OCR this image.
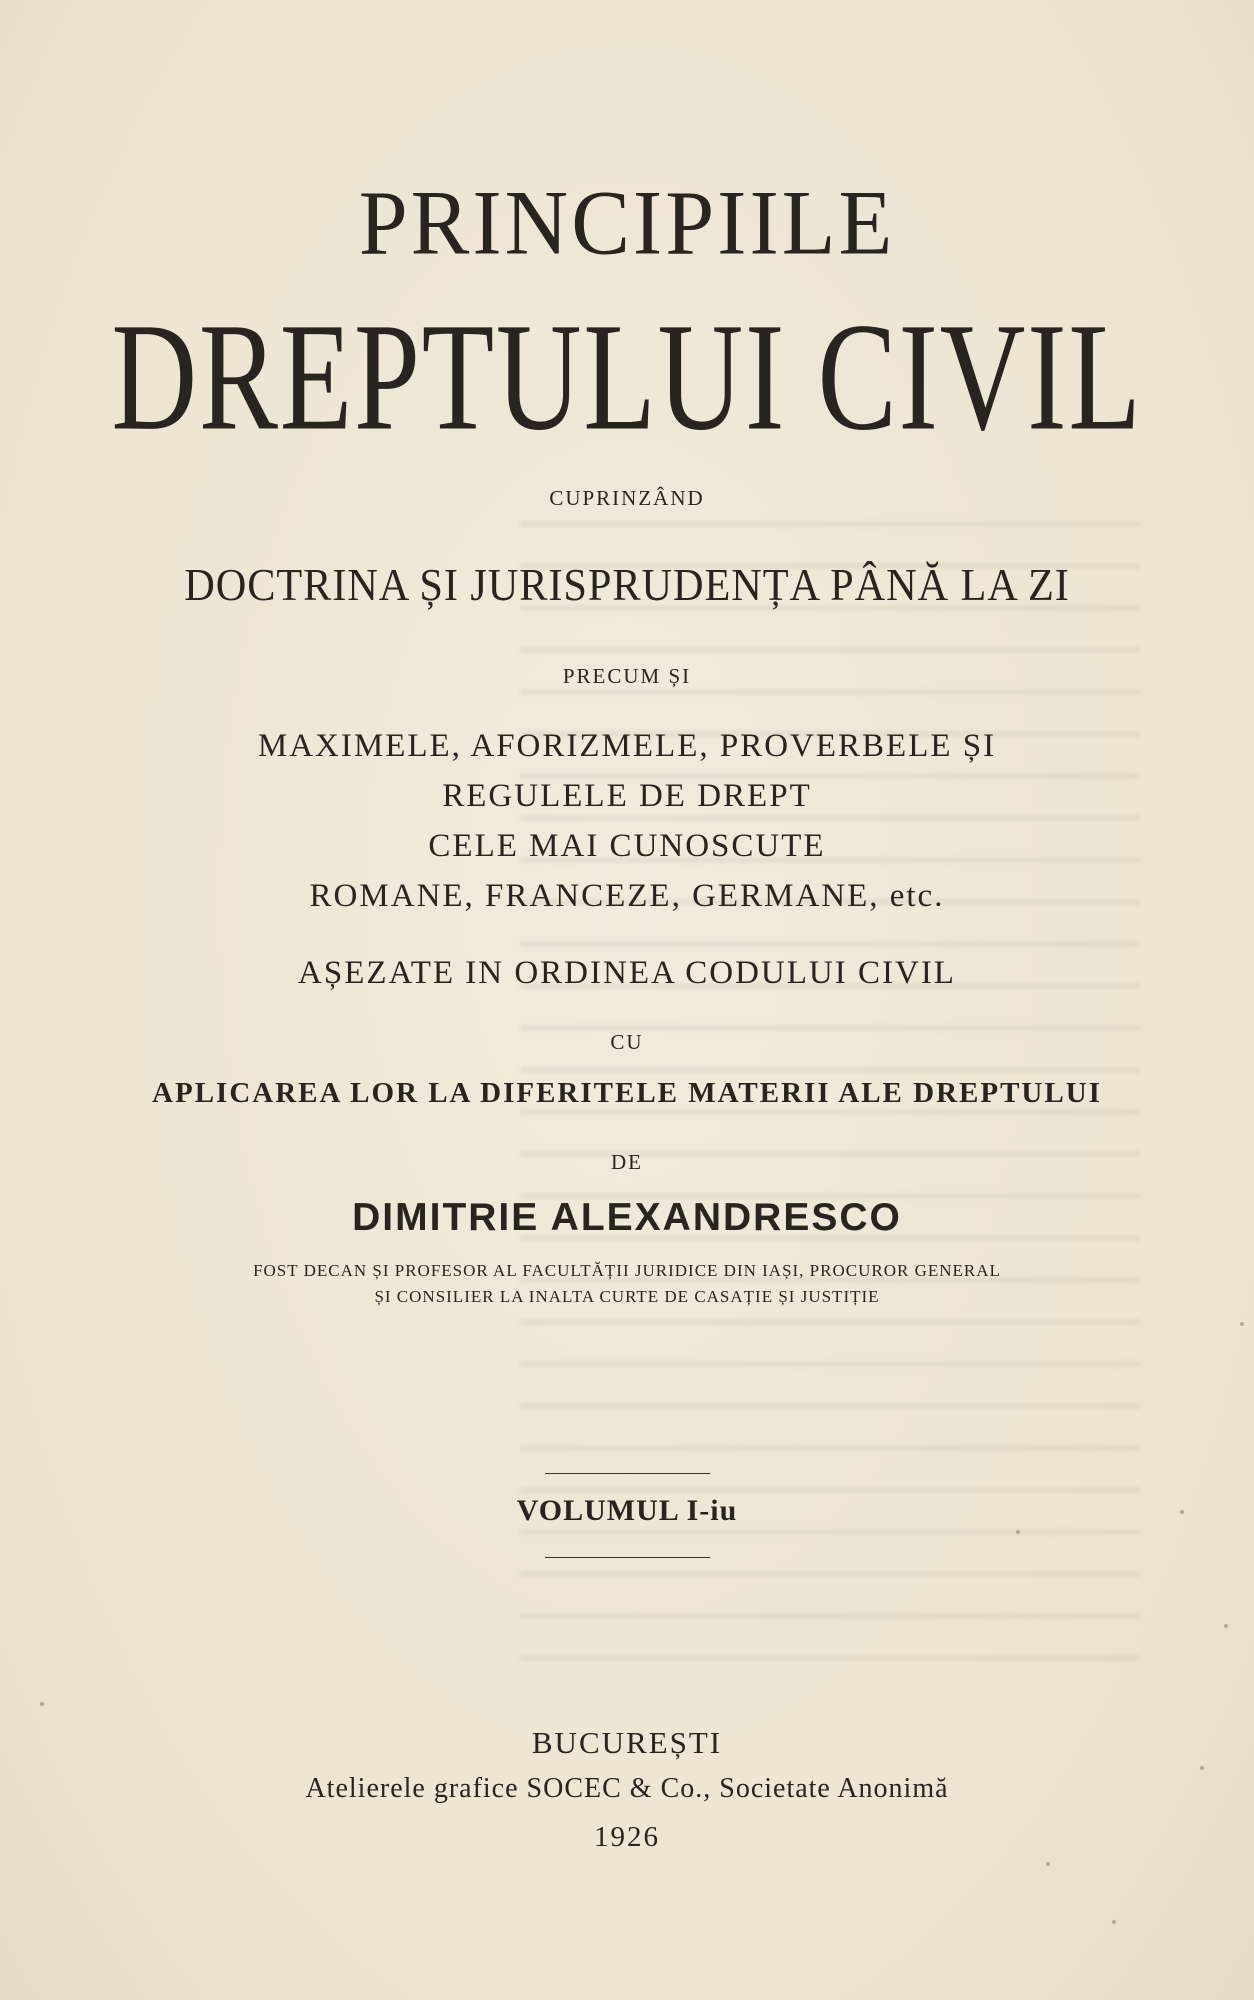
PRINCIPIILE
DREPTULUI CIVIL
CUPRINZÂND
DOCTRINA ȘI JURISPRUDENȚA PÂNĂ LA ZI
PRECUM ȘI
MAXIMELE, AFORIZMELE, PROVERBELE ȘI
REGULELE DE DREPT
CELE MAI CUNOSCUTE
ROMANE, FRANCEZE, GERMANE, etc.
AȘEZATE IN ORDINEA CODULUI CIVIL
CU
APLICAREA LOR LA DIFERITELE MATERII ALE DREPTULUI
DE
DIMITRIE ALEXANDRESCO
FOST DECAN ȘI PROFESOR AL FACULTĂȚII JURIDICE DIN IAȘI, PROCUROR GENERAL
ȘI CONSILIER LA INALTA CURTE DE CASAȚIE ȘI JUSTIȚIE
VOLUMUL I-iu
BUCUREȘTI
Atelierele grafice SOCEC & Co., Societate Anonimă
1926
